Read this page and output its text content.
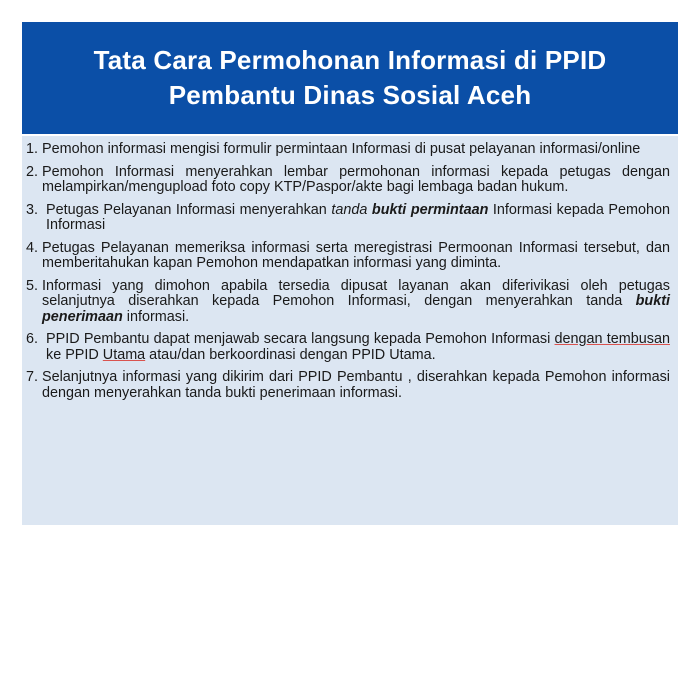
Tata Cara Permohonan Informasi di PPID
Pembantu Dinas Sosial Aceh
1. Pemohon informasi mengisi formulir permintaan Informasi di pusat pelayanan informasi/online
2. Pemohon Informasi menyerahkan lembar permohonan informasi kepada petugas dengan melampirkan/mengupload foto copy KTP/Paspor/akte bagi lembaga badan hukum.
3. Petugas Pelayanan Informasi menyerahkan tanda bukti permintaan Informasi kepada Pemohon Informasi
4. Petugas Pelayanan memeriksa informasi serta meregistrasi Permoonan Informasi tersebut, dan memberitahukan kapan Pemohon mendapatkan informasi yang diminta.
5. Informasi yang dimohon apabila tersedia dipusat layanan akan diferivikasi oleh petugas selanjutnya diserahkan kepada Pemohon Informasi, dengan menyerahkan tanda bukti penerimaan informasi.
6. PPID Pembantu dapat menjawab secara langsung kepada Pemohon Informasi dengan tembusan ke PPID Utama atau/dan berkoordinasi dengan PPID Utama.
7. Selanjutnya informasi yang dikirim dari PPID Pembantu , diserahkan kepada Pemohon informasi dengan menyerahkan tanda bukti penerimaan informasi.
